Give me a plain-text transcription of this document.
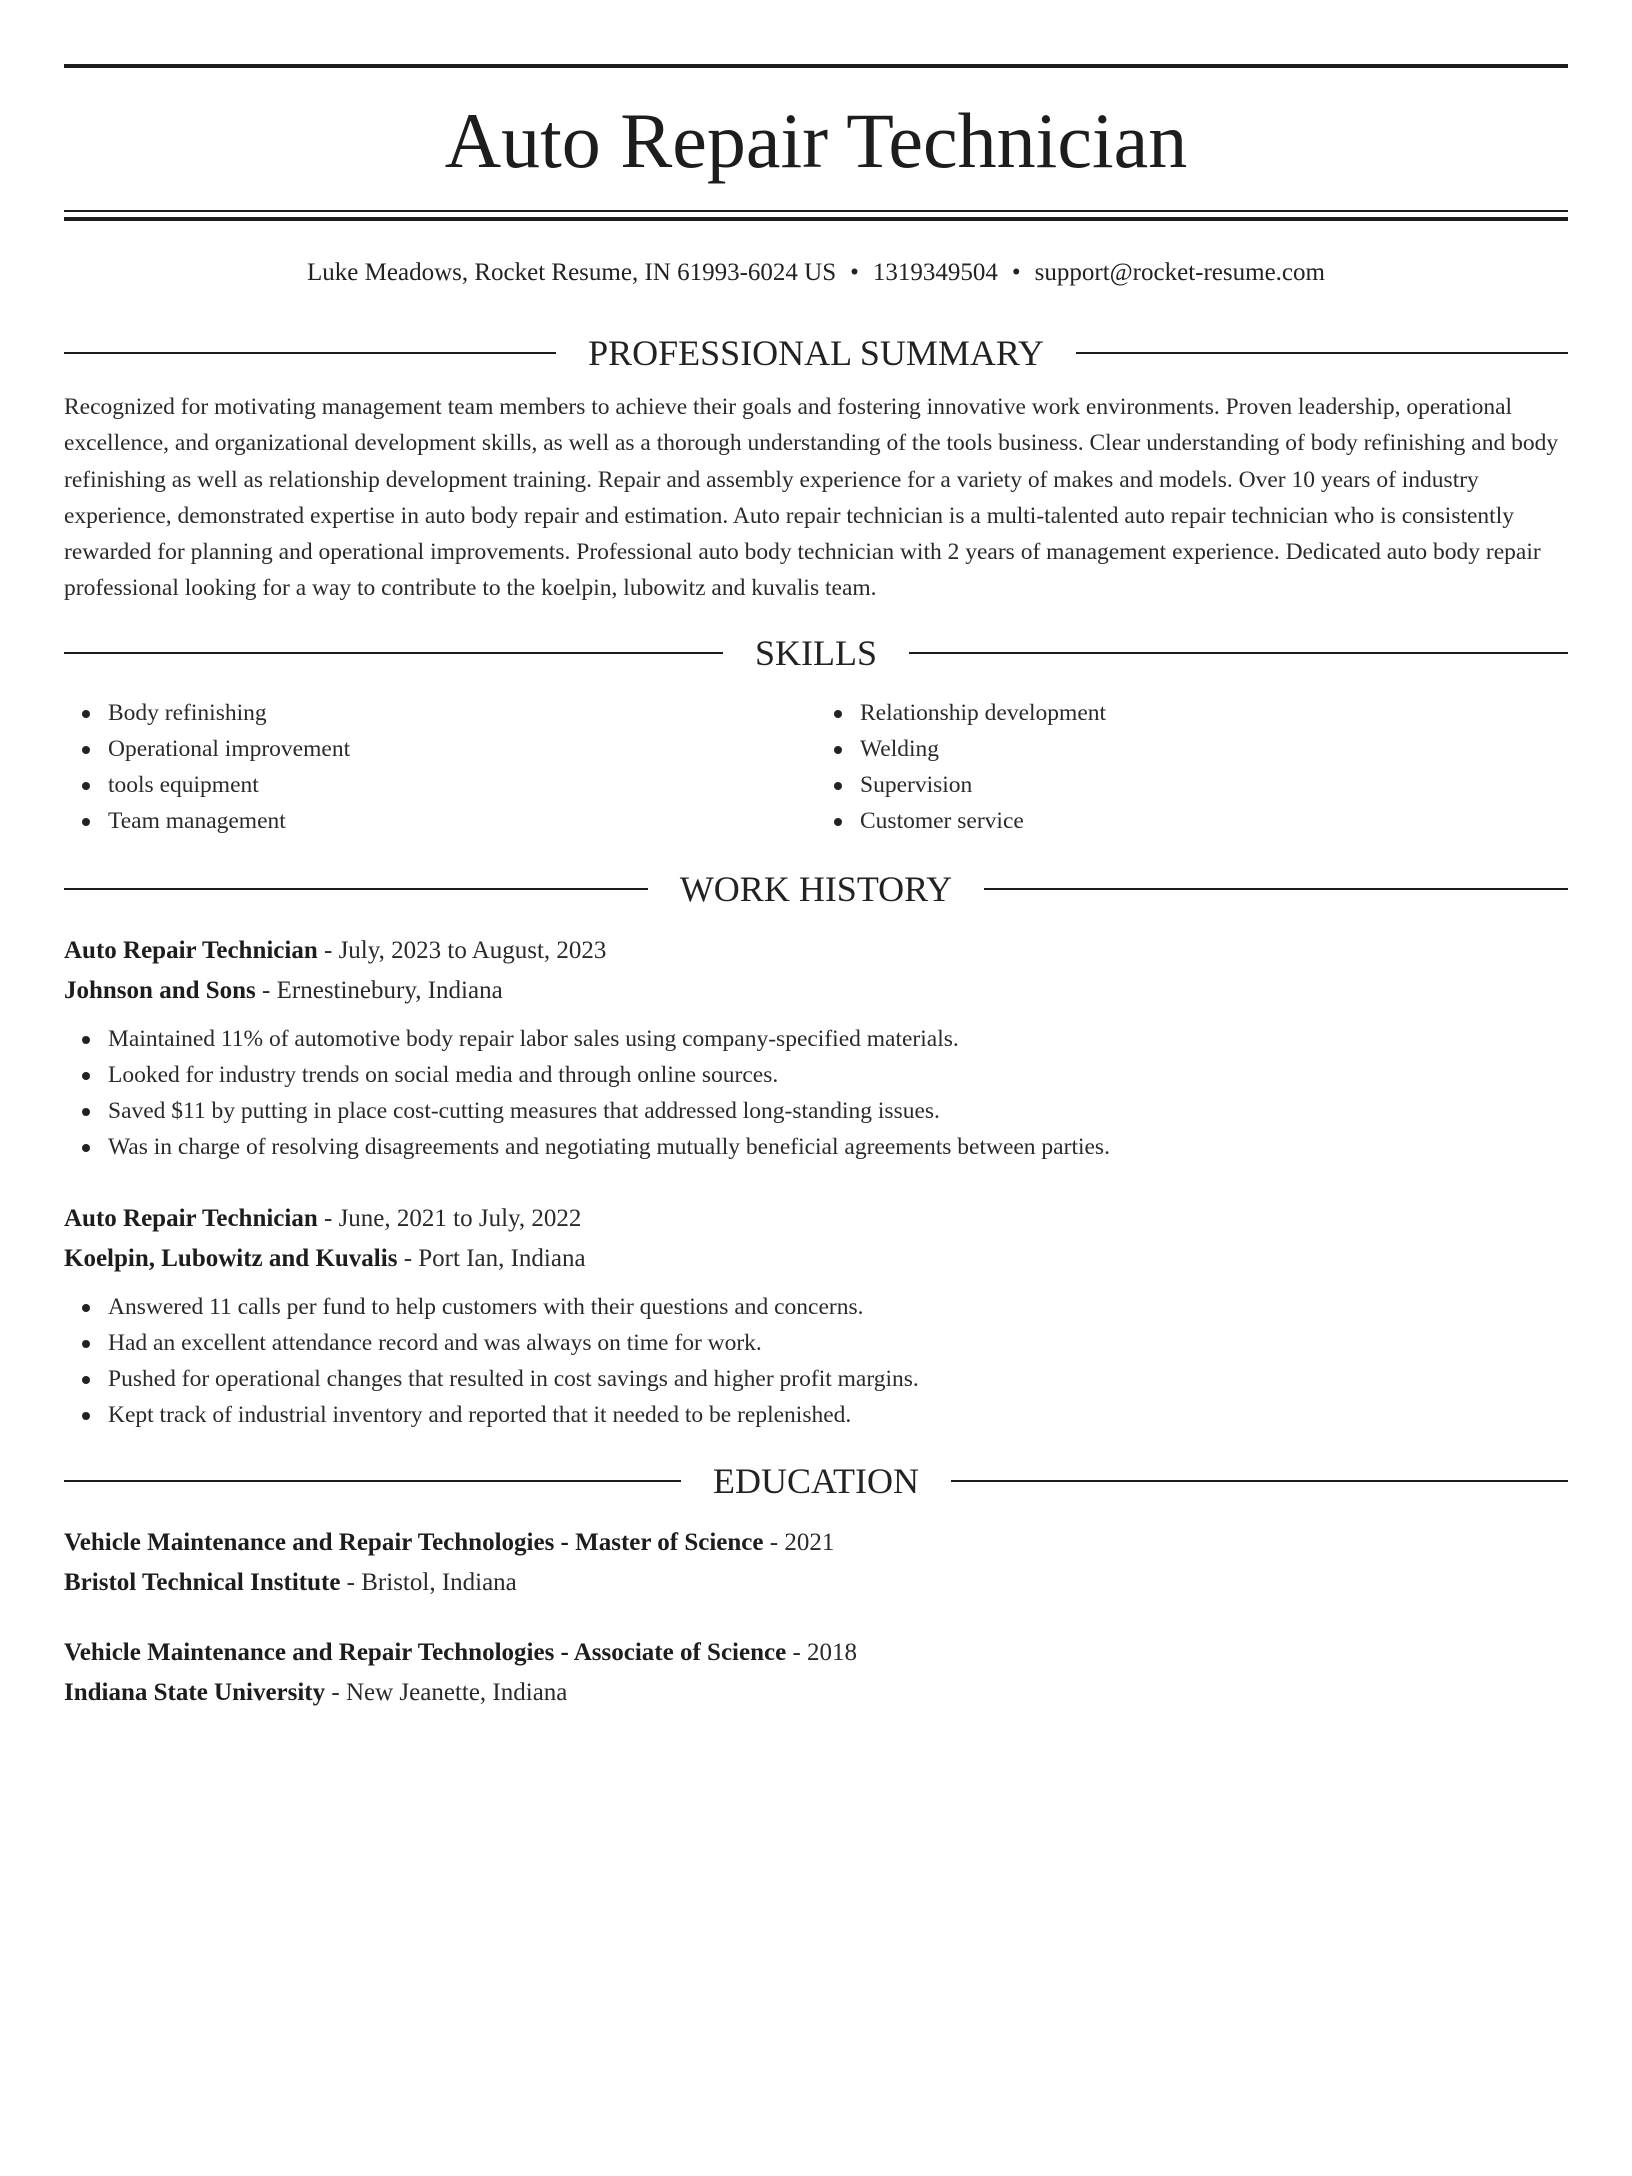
Auto Repair Technician
Luke Meadows, Rocket Resume, IN 61993-6024 US • 1319349504 • support@rocket-resume.com
PROFESSIONAL SUMMARY
Recognized for motivating management team members to achieve their goals and fostering innovative work environments. Proven leadership, operational excellence, and organizational development skills, as well as a thorough understanding of the tools business. Clear understanding of body refinishing and body refinishing as well as relationship development training. Repair and assembly experience for a variety of makes and models. Over 10 years of industry experience, demonstrated expertise in auto body repair and estimation. Auto repair technician is a multi-talented auto repair technician who is consistently rewarded for planning and operational improvements. Professional auto body technician with 2 years of management experience. Dedicated auto body repair professional looking for a way to contribute to the koelpin, lubowitz and kuvalis team.
SKILLS
Body refinishing
Operational improvement
tools equipment
Team management
Relationship development
Welding
Supervision
Customer service
WORK HISTORY
Auto Repair Technician - July, 2023 to August, 2023
Johnson and Sons - Ernestinebury, Indiana
Maintained 11% of automotive body repair labor sales using company-specified materials.
Looked for industry trends on social media and through online sources.
Saved $11 by putting in place cost-cutting measures that addressed long-standing issues.
Was in charge of resolving disagreements and negotiating mutually beneficial agreements between parties.
Auto Repair Technician - June, 2021 to July, 2022
Koelpin, Lubowitz and Kuvalis - Port Ian, Indiana
Answered 11 calls per fund to help customers with their questions and concerns.
Had an excellent attendance record and was always on time for work.
Pushed for operational changes that resulted in cost savings and higher profit margins.
Kept track of industrial inventory and reported that it needed to be replenished.
EDUCATION
Vehicle Maintenance and Repair Technologies - Master of Science - 2021
Bristol Technical Institute - Bristol, Indiana
Vehicle Maintenance and Repair Technologies - Associate of Science - 2018
Indiana State University - New Jeanette, Indiana
